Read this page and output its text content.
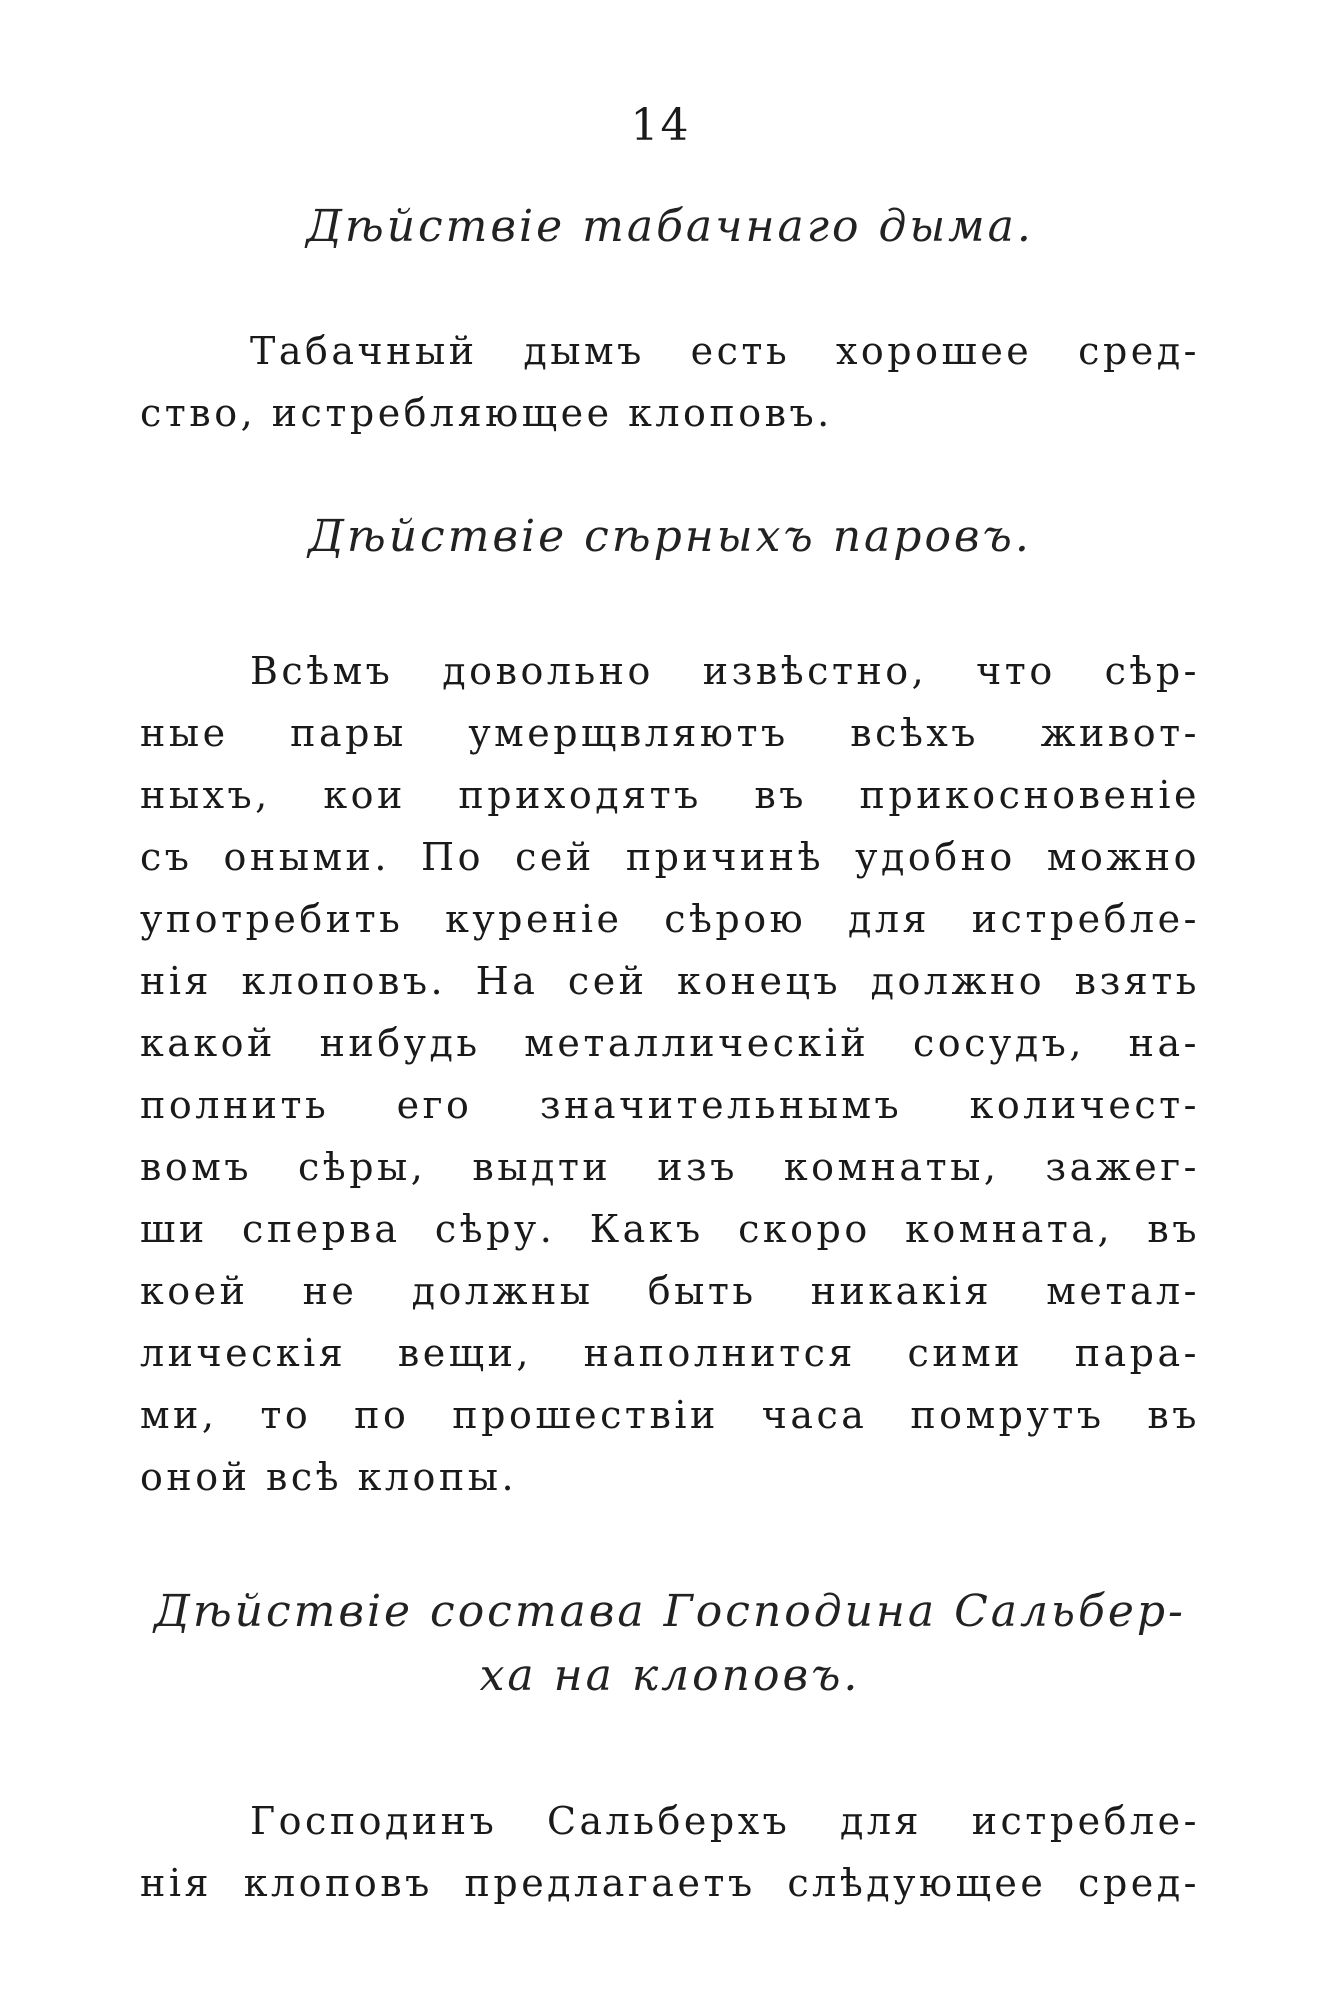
14
Дѣйствіе табачнаго дыма.
Табачный дымъ есть хорошее сред-
ство, истребляющее клоповъ.
Дѣйствіе сѣрныхъ паровъ.
Всѣмъ довольно извѣстно, что сѣр-
ные пары умерщвляютъ всѣхъ живот-
ныхъ, кои приходятъ въ прикосновеніе
съ оными. По сей причинѣ удобно можно
употребить куреніе сѣрою для истребле-
нія клоповъ. На сей конецъ должно взять
какой нибудь металлическій сосудъ, на-
полнить его значительнымъ количест-
вомъ сѣры, выдти изъ комнаты, зажег-
ши сперва сѣру. Какъ скоро комната, въ
коей не должны быть никакія метал-
лическія вещи, наполнится сими пара-
ми, то по прошествіи часа помрутъ въ
оной всѣ клопы.
Дѣйствіе состава Господина Сальбер-
ха на клоповъ.
Господинъ Сальберхъ для истребле-
нія клоповъ предлагаетъ слѣдующее сред-
